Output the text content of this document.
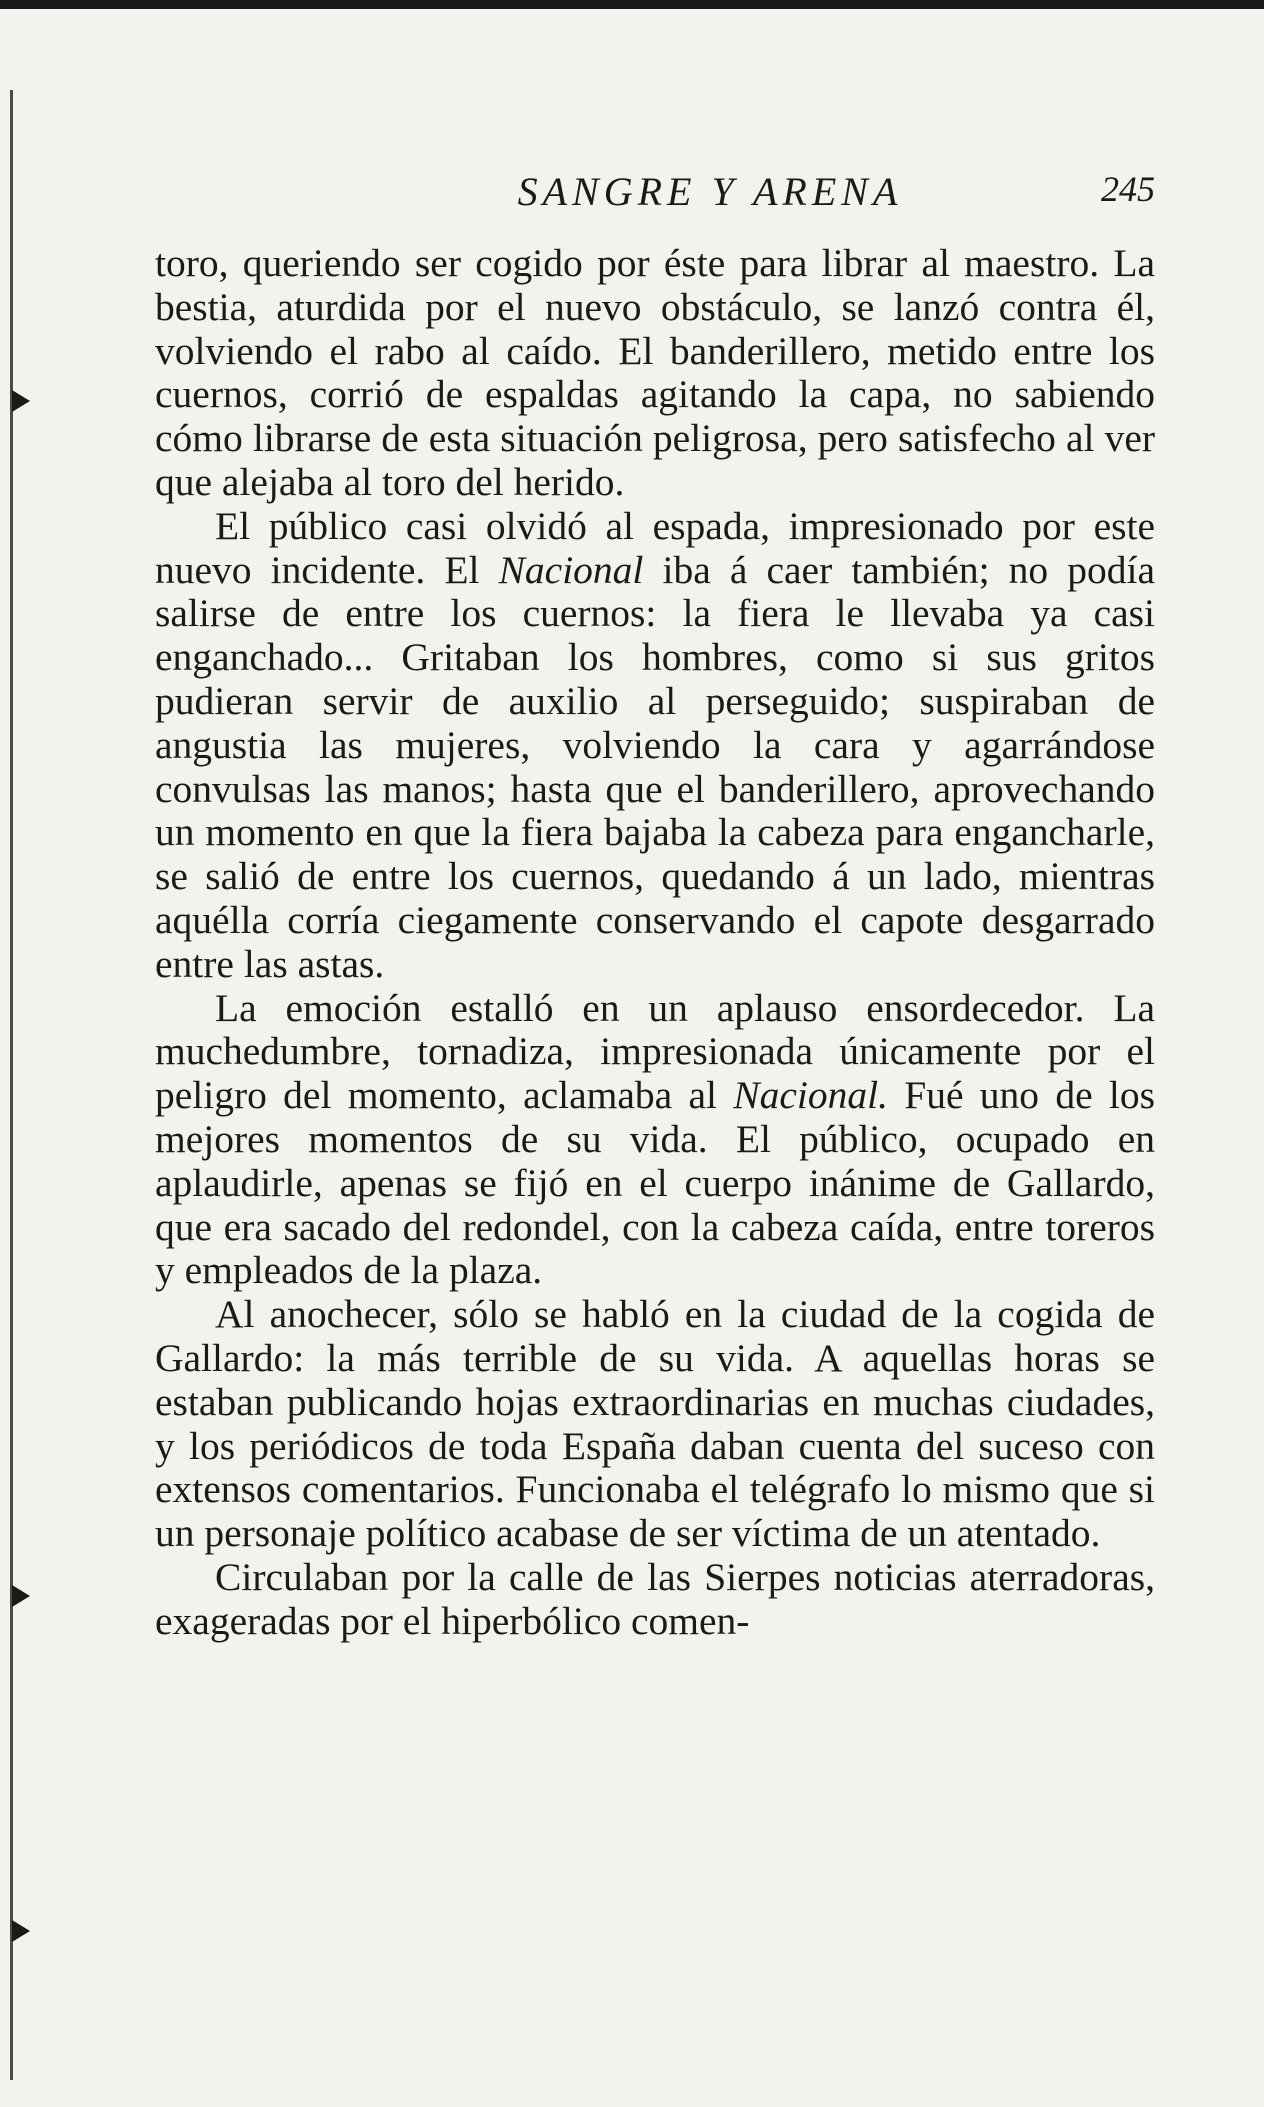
SANGRE Y ARENA	245

toro, queriendo ser cogido por éste para librar al maestro. La bestia, aturdida por el nuevo obstáculo, se lanzó contra él, volviendo el rabo al caído. El banderillero, metido entre los cuernos, corrió de espaldas agitando la capa, no sabiendo cómo librarse de esta situación peligrosa, pero satisfecho al ver que alejaba al toro del herido.

El público casi olvidó al espada, impresionado por este nuevo incidente. El Nacional iba á caer también; no podía salirse de entre los cuernos: la fiera le llevaba ya casi enganchado... Gritaban los hombres, como si sus gritos pudieran servir de auxilio al perseguido; suspiraban de angustia las mujeres, volviendo la cara y agarrándose convulsas las manos; hasta que el banderillero, aprovechando un momento en que la fiera bajaba la cabeza para engancharle, se salió de entre los cuernos, quedando á un lado, mientras aquélla corría ciegamente conservando el capote desgarrado entre las astas.

La emoción estalló en un aplauso ensordecedor. La muchedumbre, tornadiza, impresionada únicamente por el peligro del momento, aclamaba al Nacional. Fué uno de los mejores momentos de su vida. El público, ocupado en aplaudirle, apenas se fijó en el cuerpo inánime de Gallardo, que era sacado del redondel, con la cabeza caída, entre toreros y empleados de la plaza.

Al anochecer, sólo se habló en la ciudad de la cogida de Gallardo: la más terrible de su vida. A aquellas horas se estaban publicando hojas extraordinarias en muchas ciudades, y los periódicos de toda España daban cuenta del suceso con extensos comentarios. Funcionaba el telégrafo lo mismo que si un personaje político acabase de ser víctima de un atentado.

Circulaban por la calle de las Sierpes noticias aterradoras, exageradas por el hiperbólico comen-
